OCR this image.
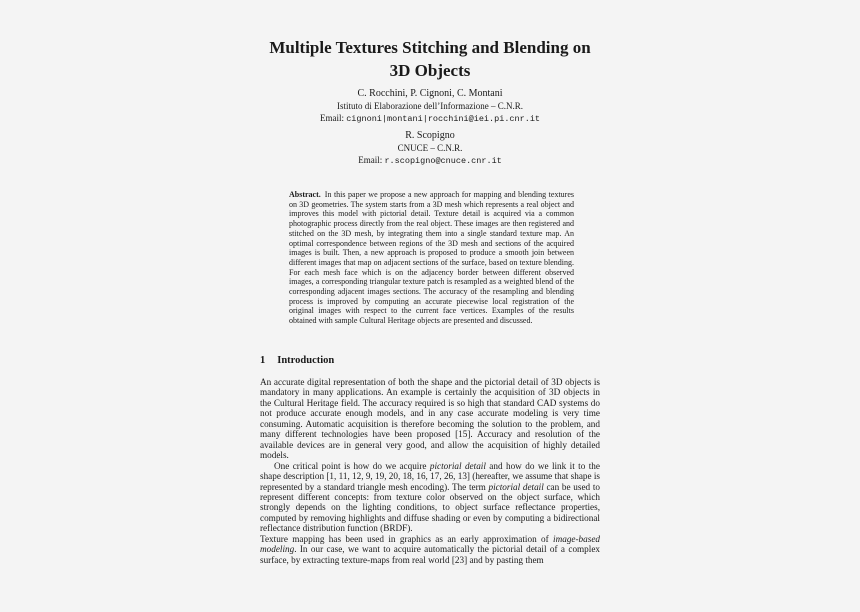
Multiple Textures Stitching and Blending on
3D Objects
C. Rocchini, P. Cignoni, C. Montani
Istituto di Elaborazione dell’Informazione – C.N.R.
Email: cignoni|montani|rocchini@iei.pi.cnr.it
R. Scopigno
CNUCE – C.N.R.
Email: r.scopigno@cnuce.cnr.it
Abstract. In this paper we propose a new approach for mapping and blending textures on 3D geometries. The system starts from a 3D mesh which represents a real object and improves this model with pictorial detail. Texture detail is acquired via a common photographic process directly from the real object. These images are then registered and stitched on the 3D mesh, by integrating them into a single standard texture map. An optimal correspondence between regions of the 3D mesh and sections of the acquired images is built. Then, a new approach is proposed to produce a smooth join between different images that map on adjacent sections of the surface, based on texture blending. For each mesh face which is on the adjacency border between different observed images, a corresponding triangular texture patch is resampled as a weighted blend of the corresponding adjacent images sections. The accuracy of the resampling and blending process is improved by computing an accurate piecewise local registration of the original images with respect to the current face vertices. Examples of the results obtained with sample Cultural Heritage objects are presented and discussed.
1 Introduction

An accurate digital representation of both the shape and the pictorial detail of 3D objects is mandatory in many applications. An example is certainly the acquisition of 3D objects in the Cultural Heritage field. The accuracy required is so high that standard CAD systems do not produce accurate enough models, and in any case accurate modeling is very time consuming. Automatic acquisition is therefore becoming the solution to the problem, and many different technologies have been proposed [15]. Accuracy and resolution of the available devices are in general very good, and allow the acquisition of highly detailed models.

One critical point is how do we acquire pictorial detail and how do we link it to the shape description [1, 11, 12, 9, 19, 20, 18, 16, 17, 26, 13] (hereafter, we assume that shape is represented by a standard triangle mesh encoding). The term pictorial detail can be used to represent different concepts: from texture color observed on the object surface, which strongly depends on the lighting conditions, to object surface reflectance properties, computed by removing highlights and diffuse shading or even by computing a bidirectional reflectance distribution function (BRDF).

Texture mapping has been used in graphics as an early approximation of image-based modeling. In our case, we want to acquire automatically the pictorial detail of a complex surface, by extracting texture-maps from real world [23] and by pasting them
